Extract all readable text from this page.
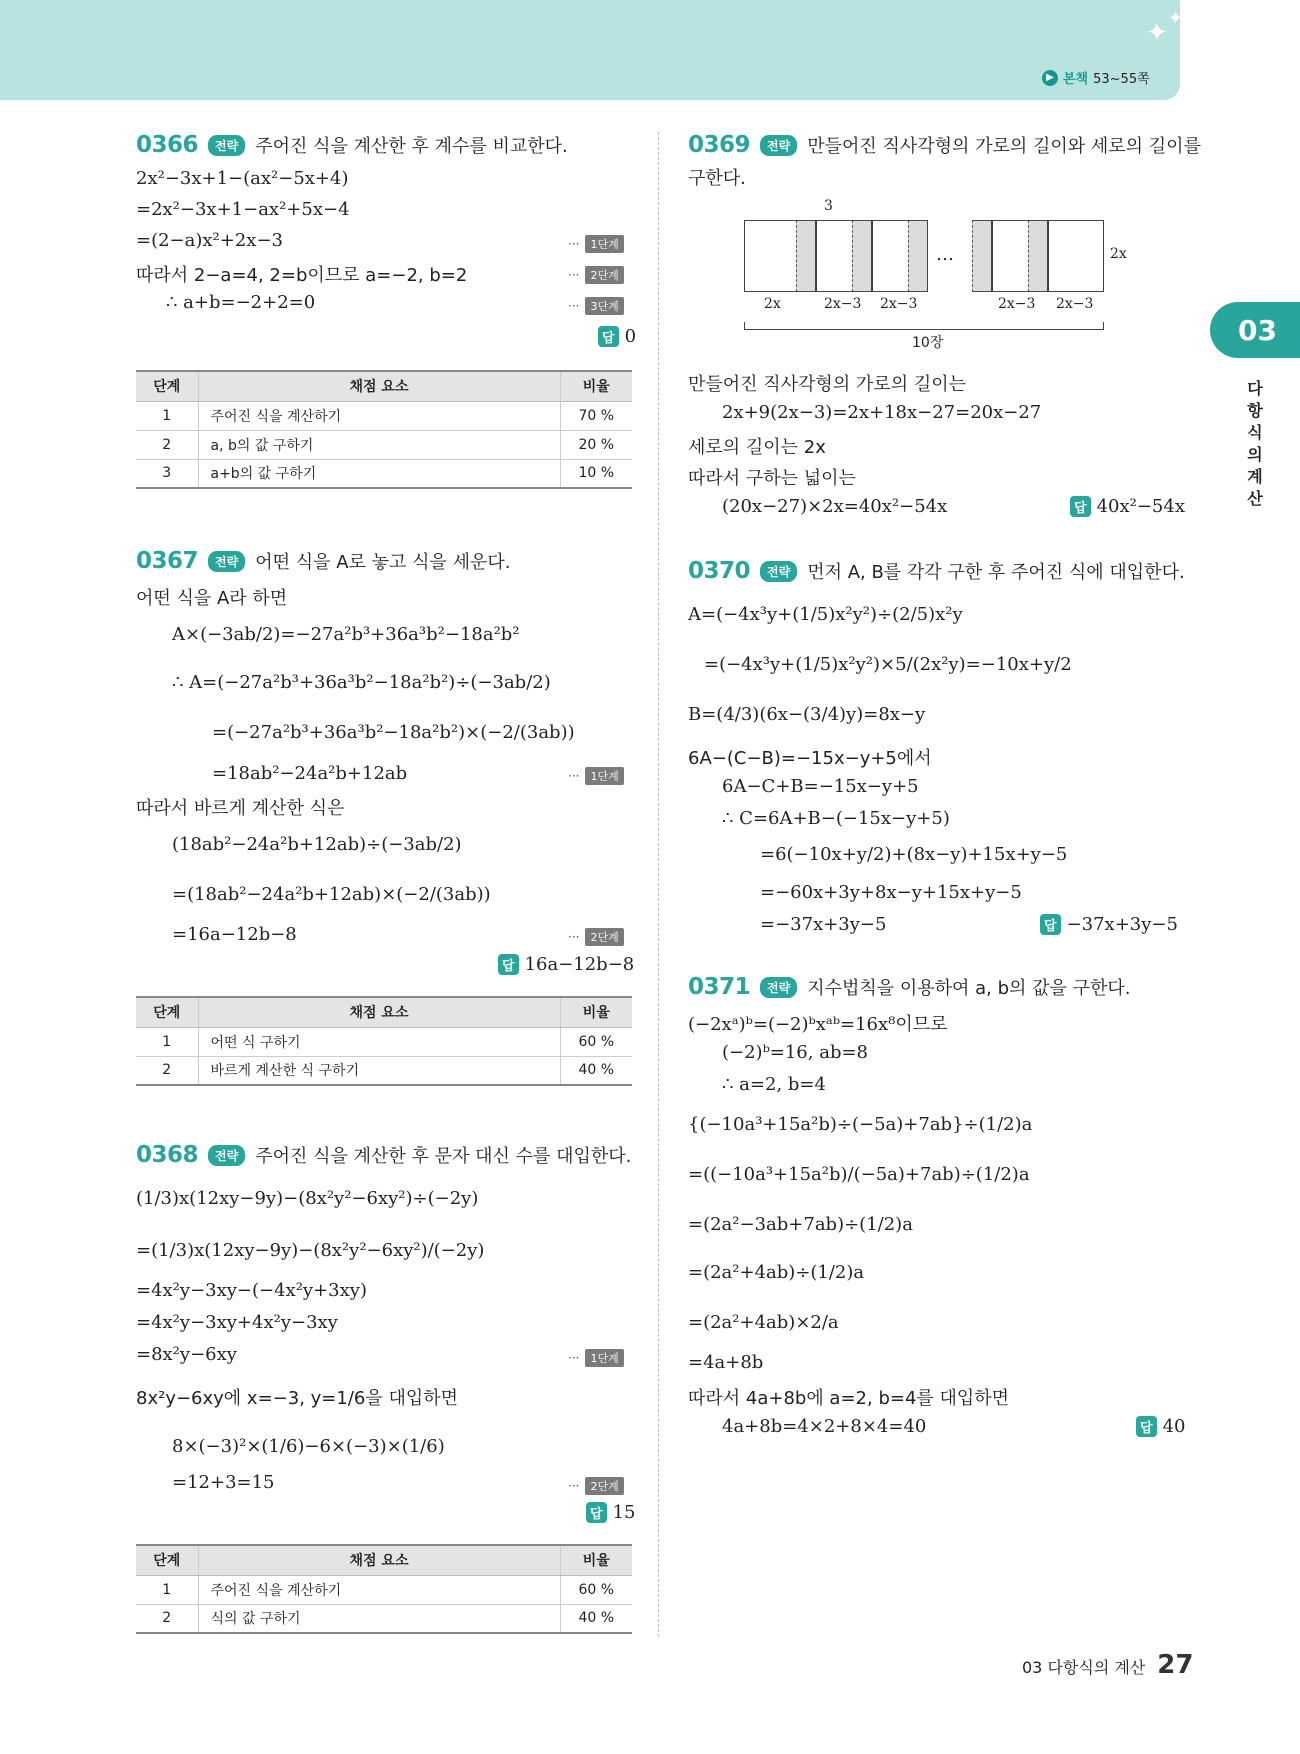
✦ ✦
▶ 본책 53~55쪽
03
다항식의 계산
0366	전략 주어진 식을 계산한 후 계수를 비교한다.
2x²−3x+1−(ax²−5x+4)
=2x²−3x+1−ax²+5x−4
=(2−a)x²+2x−3
따라서 2−a=4, 2=b이므로 a=−2, b=2
∴ a+b=−2+2=0
···	1단계
···	2단계
···	3단계
답 0
단계	채점 요소	비율
1	주어진 식을 계산하기	70 %
2	a, b의 값 구하기	20 %
3	a+b의 값 구하기	10 %
0367	전략 어떤 식을 A로 놓고 식을 세운다.
어떤 식을 A라 하면
A×(−3ab/2)=−27a²b³+36a³b²−18a²b²
∴ A=(−27a²b³+36a³b²−18a²b²)÷(−3ab/2)
=(−27a²b³+36a³b²−18a²b²)×(−2/(3ab))
=18ab²−24a²b+12ab
따라서 바르게 계산한 식은
(18ab²−24a²b+12ab)÷(−3ab/2)
=(18ab²−24a²b+12ab)×(−2/(3ab))
=16a−12b−8
···	1단계
···	2단계
답 16a−12b−8
단계	채점 요소	비율
1	어떤 식 구하기	60 %
2	바르게 계산한 식 구하기	40 %
0368	전략 주어진 식을 계산한 후 문자 대신 수를 대입한다.
(1/3)x(12xy−9y)−(8x²y²−6xy²)÷(−2y)
=(1/3)x(12xy−9y)−(8x²y²−6xy²)/(−2y)
=4x²y−3xy−(−4x²y+3xy)
=4x²y−3xy+4x²y−3xy
=8x²y−6xy
8x²y−6xy에 x=−3, y=1/6을 대입하면
8×(−3)²×(1/6)−6×(−3)×(1/6)
=12+3=15
···	1단계
···	2단계
답 15
단계	채점 요소	비율
1	주어진 식을 계산하기	60 %
2	식의 값 구하기	40 %
0369	전략 만들어진 직사각형의 가로의 길이와 세로의 길이를
구한다.
…
3
2x
2x	2x−3 2x−3	2x−3 2x−3
10장
만들어진 직사각형의 가로의 길이는
2x+9(2x−3)=2x+18x−27=20x−27
세로의 길이는 2x
따라서 구하는 넓이는
(20x−27)×2x=40x²−54x	답 40x²−54x
0370	전략 먼저 A, B를 각각 구한 후 주어진 식에 대입한다.
A=(−4x³y+(1/5)x²y²)÷(2/5)x²y
=(−4x³y+(1/5)x²y²)×5/(2x²y)=−10x+y/2
B=(4/3)(6x−(3/4)y)=8x−y
6A−(C−B)=−15x−y+5에서
6A−C+B=−15x−y+5
∴ C=6A+B−(−15x−y+5)
=6(−10x+y/2)+(8x−y)+15x+y−5
=−60x+3y+8x−y+15x+y−5
=−37x+3y−5	답 −37x+3y−5
0371	전략 지수법칙을 이용하여 a, b의 값을 구한다.
(−2xᵃ)ᵇ=(−2)ᵇxᵃᵇ=16x⁸이므로
(−2)ᵇ=16, ab=8
∴ a=2, b=4
{(−10a³+15a²b)÷(−5a)+7ab}÷(1/2)a
=((−10a³+15a²b)/(−5a)+7ab)÷(1/2)a
=(2a²−3ab+7ab)÷(1/2)a
=(2a²+4ab)÷(1/2)a
=(2a²+4ab)×2/a
=4a+8b
따라서 4a+8b에 a=2, b=4를 대입하면
4a+8b=4×2+8×4=40	답 40
03 다항식의 계산 27
